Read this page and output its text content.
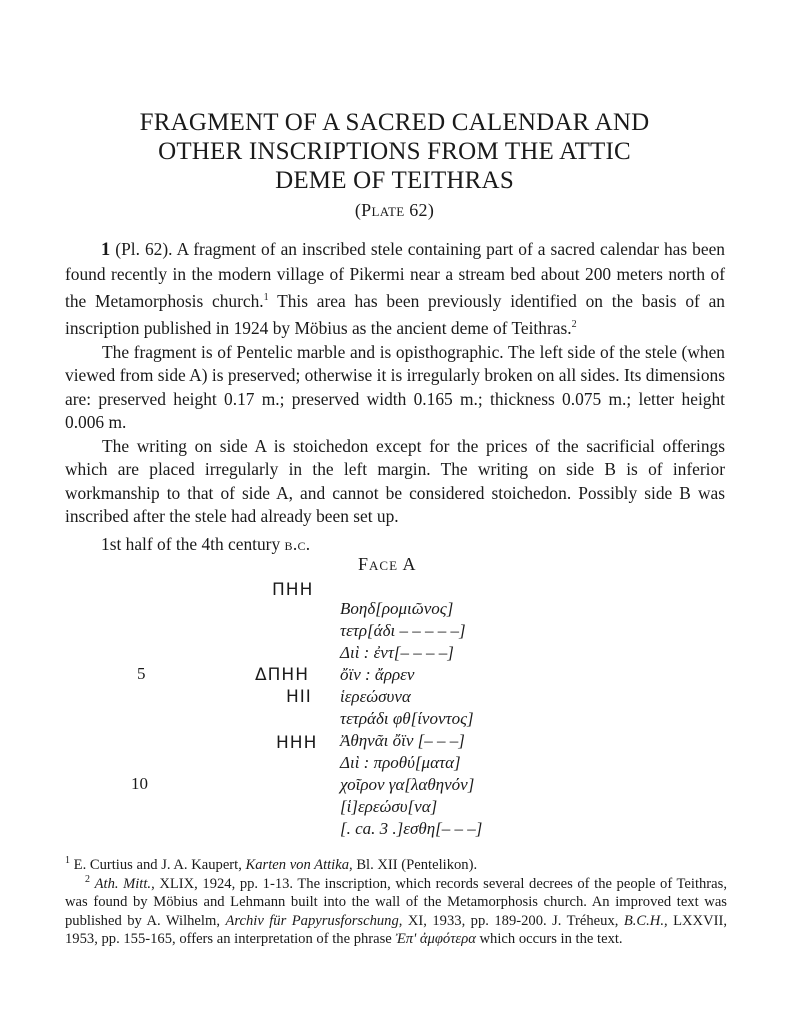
FRAGMENT OF A SACRED CALENDAR AND
OTHER INSCRIPTIONS FROM THE ATTIC
DEME OF TEITHRAS
(Plate 62)

1 (Pl. 62). A fragment of an inscribed stele containing part of a sacred calendar has been found recently in the modern village of Pikermi near a stream bed about 200 meters north of the Metamorphosis church.$^1$ This area has been previously identified on the basis of an inscription published in 1924 by Möbius as the ancient deme of Teithras.$^2$

The fragment is of Pentelic marble and is opisthographic. The left side of the stele (when viewed from side A) is preserved; otherwise it is irregularly broken on all sides. Its dimensions are: preserved height 0.17 m.; preserved width 0.165 m.; thickness 0.075 m.; letter height 0.006 m.

The writing on side A is stoichedon except for the prices of the sacrificial offerings which are placed irregularly in the left margin. The writing on side B is of inferior workmanship to that of side A, and cannot be considered stoichedon. Possibly side B was inscribed after the stele had already been set up.

1st half of the 4th century b.c.
Face A
ΠΗΗ
ΔΠΗΗ
ΗΙΙ
ΗΗΗ
5
10
Βοηδ[ρομιῶνος]
τετρ[άδι – – – – –]
Διὶ : ἐντ[– – – –]
ὄϊν : ἄρρεν
ἱερεώσυνα
τετράδι φθ[ίνοντος]
Ἀθηνᾶι ὄϊν [– – –]
Διὶ : προθύ[ματα]
χοῖρον γα[λαθηνόν]
[ἱ]ερεώσυ[να]
[. ca. 3 .]εσθη[– – –]
$^1$ E. Curtius and J. A. Kaupert, Karten von Attika, Bl. XII (Pentelikon).
$^2$ Ath. Mitt., XLIX, 1924, pp. 1-13. The inscription, which records several decrees of the people of Teithras, was found by Möbius and Lehmann built into the wall of the Metamorphosis church. An improved text was published by A. Wilhelm, Archiv für Papyrusforschung, XI, 1933, pp. 189-200. J. Tréheux, B.C.H., LXXVII, 1953, pp. 155-165, offers an interpretation of the phrase Ἐπ' ἀμφότερα which occurs in the text.
